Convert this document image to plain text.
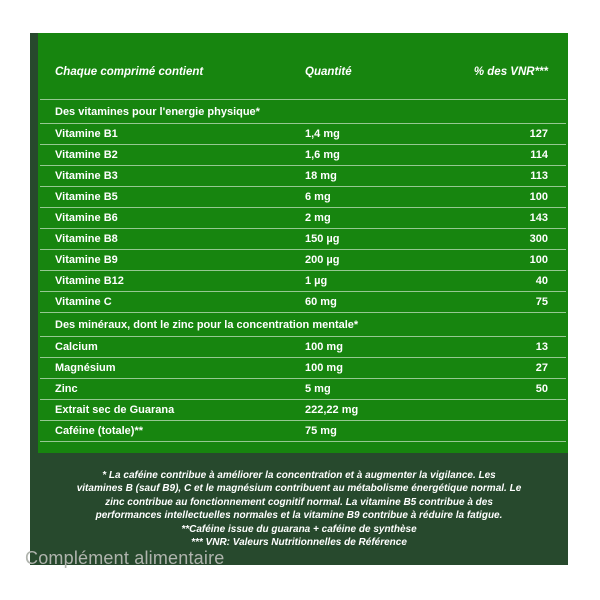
Chaque comprimé contient	Quantité	% des VNR***
Des vitamines pour l'energie physique*
Vitamine B1	1,4 mg	127
Vitamine B2	1,6 mg	114
Vitamine B3	18 mg	113
Vitamine B5	6 mg	100
Vitamine B6	2 mg	143
Vitamine B8	150 µg	300
Vitamine B9	200 µg	100
Vitamine B12	1 µg	40
Vitamine C	60 mg	75
Des minéraux, dont le zinc pour la concentration mentale*
Calcium	100 mg	13
Magnésium	100 mg	27
Zinc	5 mg	50
Extrait sec de Guarana	222,22 mg
Caféine (totale)**	75 mg
* La caféine contribue à améliorer la concentration et à augmenter la vigilance. Les
vitamines B (sauf B9), C et le magnésium contribuent au métabolisme énergétique normal. Le
zinc contribue au fonctionnement cognitif normal. La vitamine B5 contribue à des
performances intellectuelles normales et la vitamine B9 contribue à réduire la fatigue.
**Caféine issue du guarana + caféine de synthèse
*** VNR: Valeurs Nutritionnelles de Référence
Complément alimentaire
